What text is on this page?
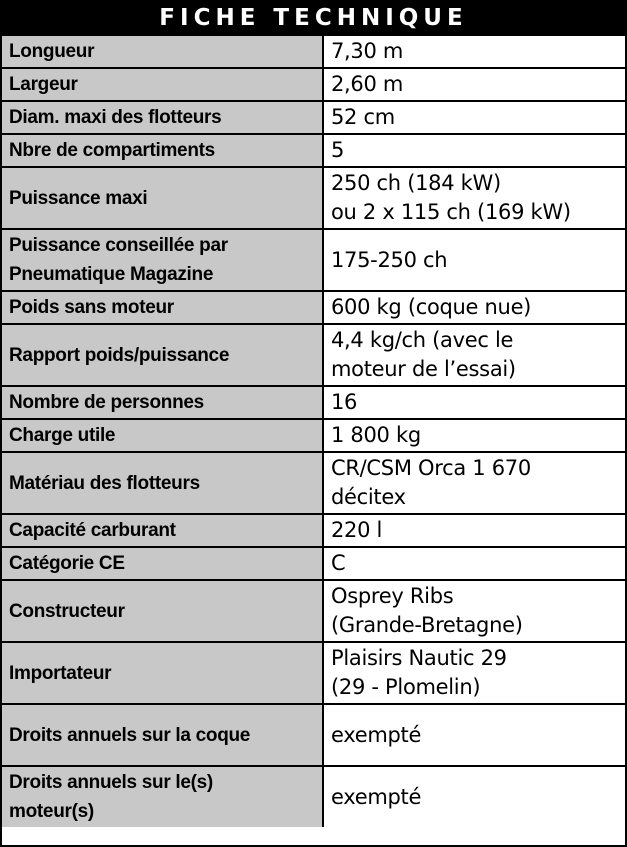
FICHE TECHNIQUE
Longueur	7,30 m
Largeur	2,60 m
Diam. maxi des flotteurs	52 cm
Nbre de compartiments	5
Puissance maxi	250 ch (184 kW)
ou 2 x 115 ch (169 kW)
Puissance conseillée par
Pneumatique Magazine	175-250 ch
Poids sans moteur	600 kg (coque nue)
Rapport poids/puissance	4,4 kg/ch (avec le
moteur de l’essai)
Nombre de personnes	16
Charge utile	1 800 kg
Matériau des flotteurs	CR/CSM Orca 1 670
décitex
Capacité carburant	220 l
Catégorie CE	C
Constructeur	Osprey Ribs
(Grande-Bretagne)
Importateur	Plaisirs Nautic 29
(29 - Plomelin)
Droits annuels sur la coque	exempté
Droits annuels sur le(s)
moteur(s)	exempté
